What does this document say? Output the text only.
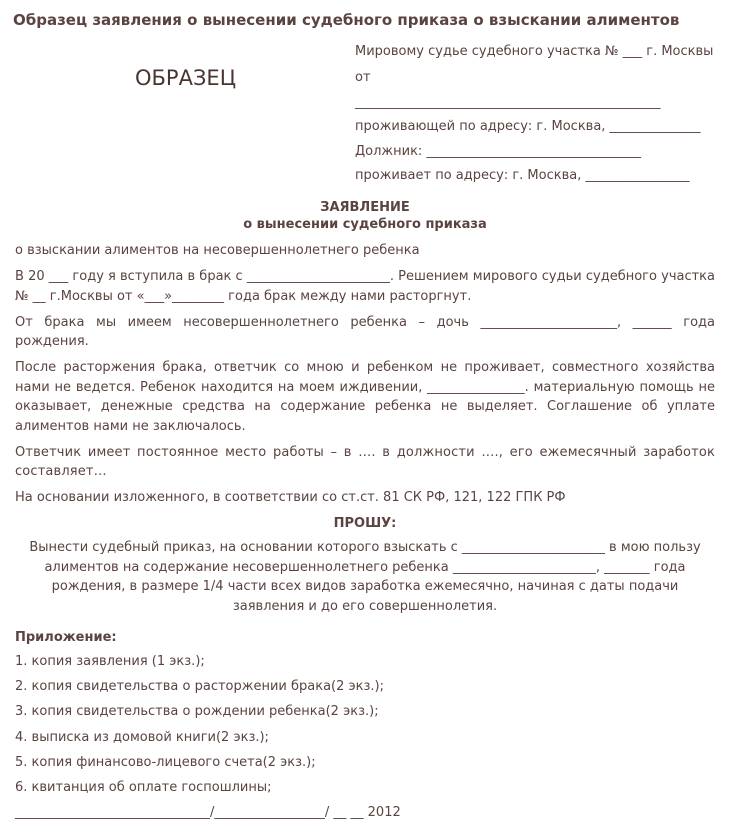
Образец заявления о вынесении судебного приказа о взыскании алиментов
ОБРАЗЕЦ
Мировому судье судебного участка № ___ г. Москвы
от
_______________________________________________
проживающей по адресу: г. Москва, ______________
Должник: _________________________________
проживает по адресу: г. Москва, ________________
ЗАЯВЛЕНИЕ
о вынесении судебного приказа

о взыскании алиментов на несовершеннолетнего ребенка

В 20 ___ году я вступила в брак с ______________________. Решением мирового судьи судебного участка № __ г.Москвы от «___»________ года брак между нами расторгнут.

От брака мы имеем несовершеннолетнего ребенка – дочь _____________________, ______ года рождения.

После расторжения брака, ответчик со мною и ребенком не проживает, совместного хозяйства нами не ведется. Ребенок находится на моем иждивении, _______________. материальную помощь не оказывает, денежные средства на содержание ребенка не выделяет. Соглашение об уплате алиментов нами не заключалось.

Ответчик имеет постоянное место работы – в …. в должности …., его ежемесячный заработок составляет…

На основании изложенного, в соответствии со ст.ст. 81 СК РФ, 121, 122 ГПК РФ

ПРОШУ:
Вынести судебный приказ, на основании которого взыскать с ______________________ в мою пользу алиментов на содержание несовершеннолетнего ребенка ______________________, _______ года рождения, в размере 1/4 части всех видов заработка ежемесячно, начиная с даты подачи заявления и до его совершеннолетия.
Приложение:
1. копия заявления (1 экз.);
2. копия свидетельства о расторжении брака(2 экз.);
3. копия свидетельства о рождении ребенка(2 экз.);
4. выписка из домовой книги(2 экз.);
5. копия финансово-лицевого счета(2 экз.);
6. квитанция об оплате госпошлины;
______________________________/_________________/ __ __ 2012
